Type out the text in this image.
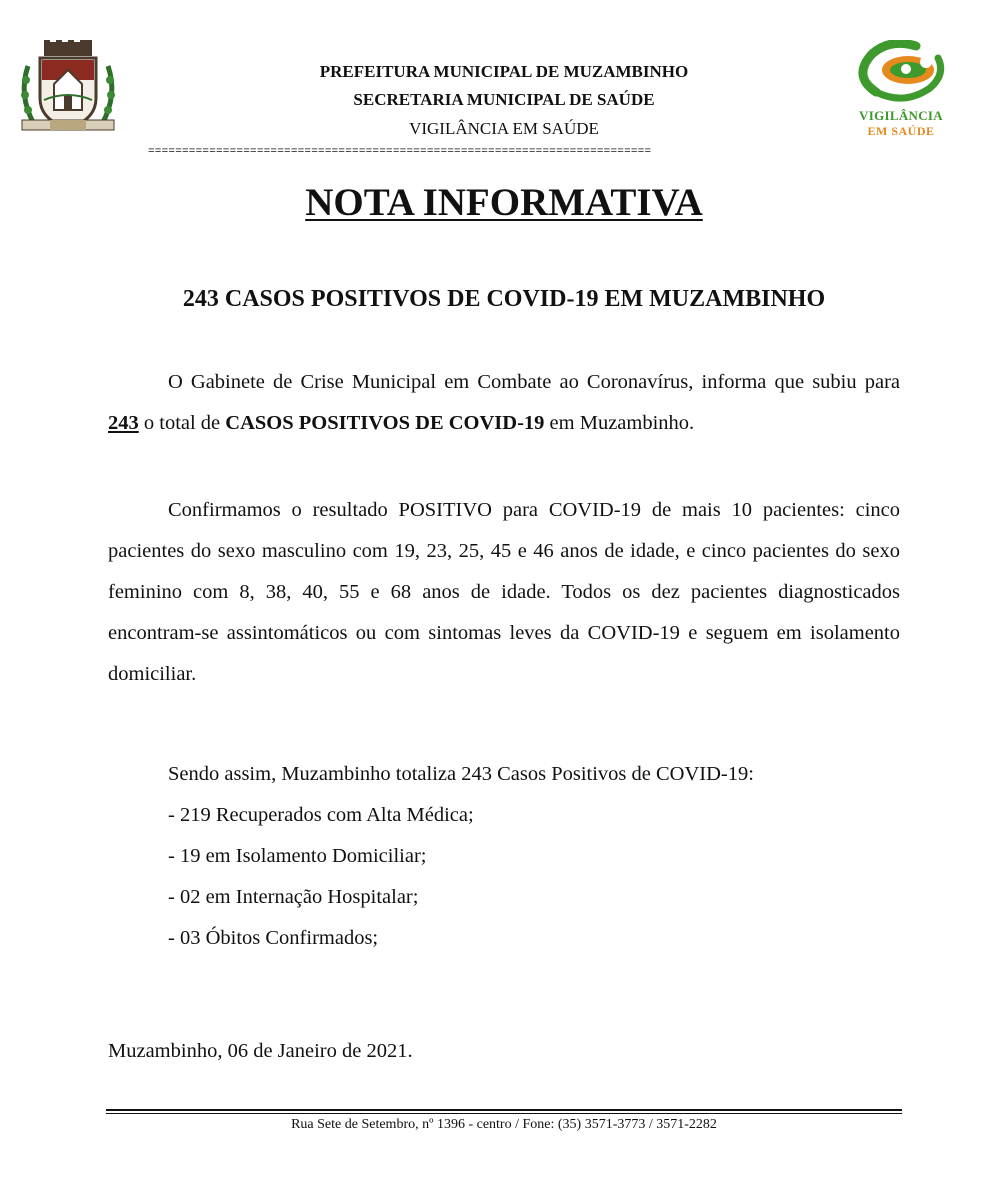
PREFEITURA MUNICIPAL DE MUZAMBINHO
SECRETARIA MUNICIPAL DE SAÚDE
VIGILÂNCIA EM SAÚDE
==========================================================================
VIGILÂNCIA
EM SAÚDE
NOTA INFORMATIVA
243 CASOS POSITIVOS DE COVID-19 EM MUZAMBINHO
O Gabinete de Crise Municipal em Combate ao Coronavírus, informa que subiu para 243 o total de CASOS POSITIVOS DE COVID-19 em Muzambinho.
Confirmamos o resultado POSITIVO para COVID-19 de mais 10 pacientes: cinco pacientes do sexo masculino com 19, 23, 25, 45 e 46 anos de idade, e cinco pacientes do sexo feminino com 8, 38, 40, 55 e 68 anos de idade. Todos os dez pacientes diagnosticados encontram-se assintomáticos ou com sintomas leves da COVID-19 e seguem em isolamento domiciliar.
Sendo assim, Muzambinho totaliza 243 Casos Positivos de COVID-19:
- 219 Recuperados com Alta Médica;
- 19 em Isolamento Domiciliar;
- 02 em Internação Hospitalar;
- 03 Óbitos Confirmados;
Muzambinho, 06 de Janeiro de 2021.
Rua Sete de Setembro, nº 1396 - centro / Fone: (35) 3571-3773 / 3571-2282
